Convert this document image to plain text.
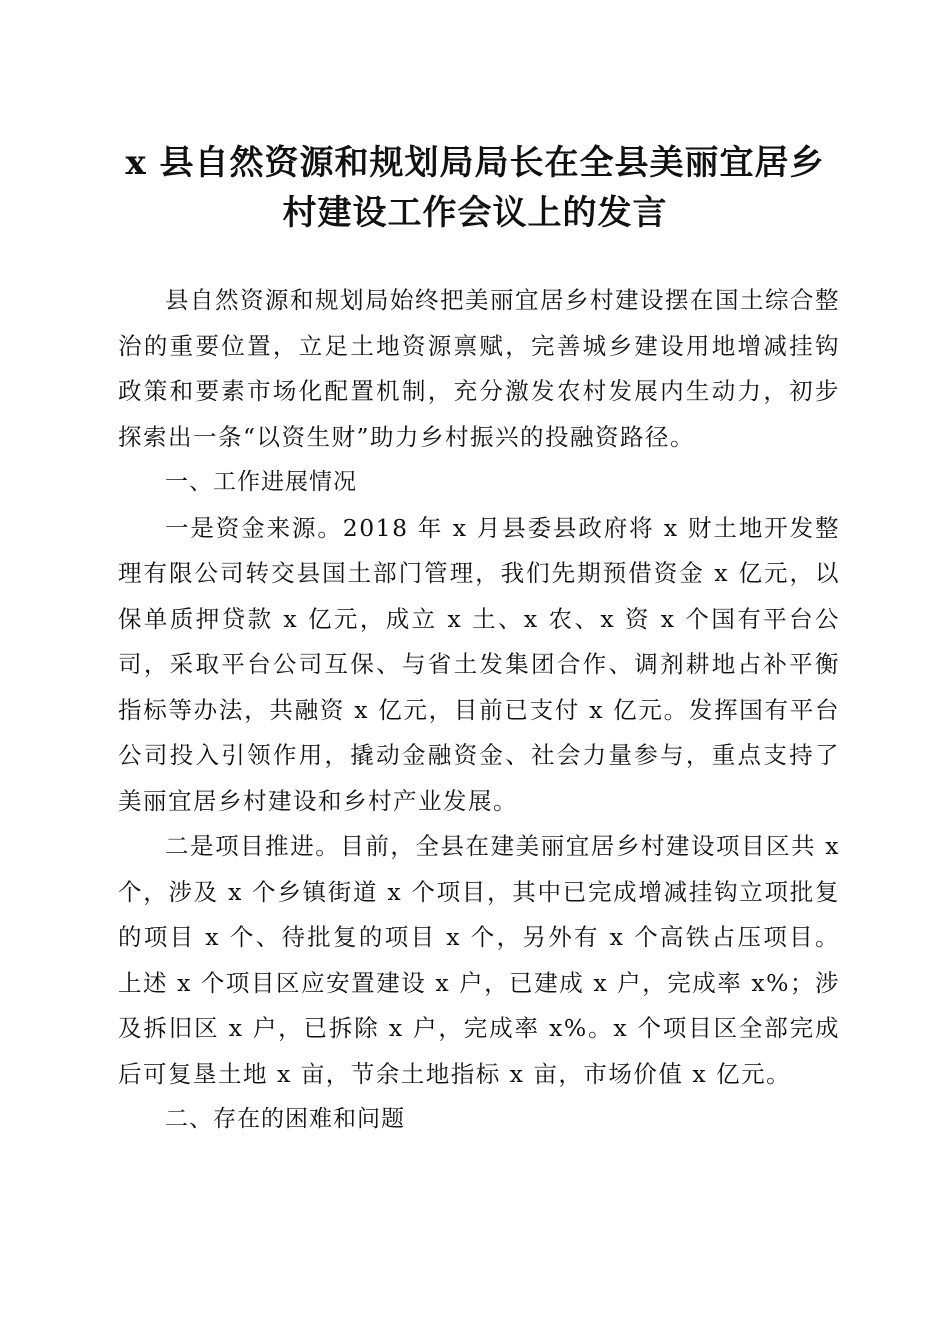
x 县自然资源和规划局局长在全县美丽宜居乡
村建设工作会议上的发言

县自然资源和规划局始终把美丽宜居乡村建设摆在国土综合整治的重要位置，立足土地资源禀赋，完善城乡建设用地增减挂钩政策和要素市场化配置机制，充分激发农村发展内生动力，初步探索出一条“以资生财”助力乡村振兴的投融资路径。

一、工作进展情况

一是资金来源。2018 年 x 月县委县政府将 x 财土地开发整理有限公司转交县国土部门管理，我们先期预借资金 x 亿元，以保单质押贷款 x 亿元，成立 x 土、x 农、x 资 x 个国有平台公司，采取平台公司互保、与省土发集团合作、调剂耕地占补平衡指标等办法，共融资 x 亿元，目前已支付 x 亿元。发挥国有平台公司投入引领作用，撬动金融资金、社会力量参与，重点支持了美丽宜居乡村建设和乡村产业发展。

二是项目推进。目前，全县在建美丽宜居乡村建设项目区共 x 个，涉及 x 个乡镇街道 x 个项目，其中已完成增减挂钩立项批复的项目 x 个、待批复的项目 x 个，另外有 x 个高铁占压项目。上述 x 个项目区应安置建设 x 户，已建成 x 户，完成率 x%；涉及拆旧区 x 户，已拆除 x 户，完成率 x%。x 个项目区全部完成后可复垦土地 x 亩，节余土地指标 x 亩，市场价值 x 亿元。

二、存在的困难和问题
